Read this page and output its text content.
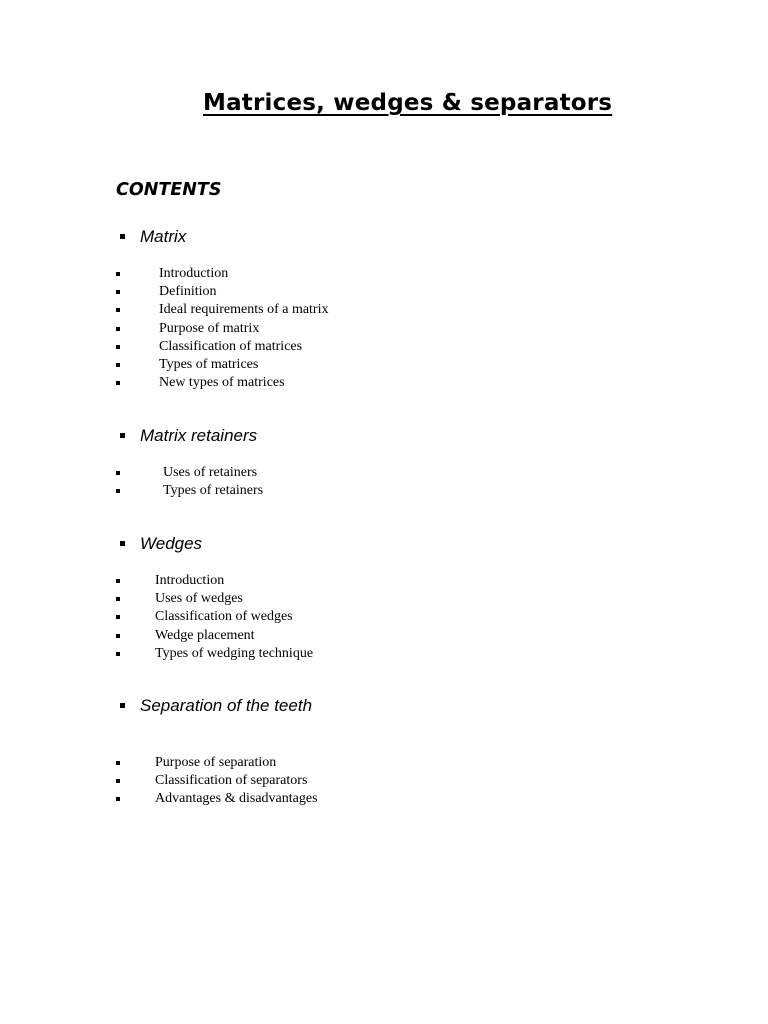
Matrices, wedges & separators
CONTENTS
Matrix
Introduction
Definition
Ideal requirements of a matrix
Purpose of matrix
Classification of matrices
Types of matrices
New types of matrices
Matrix retainers
Uses of retainers
Types of retainers
Wedges
Introduction
Uses of wedges
Classification of wedges
Wedge placement
Types of wedging technique
Separation of the teeth
Purpose of separation
Classification of separators
Advantages & disadvantages
